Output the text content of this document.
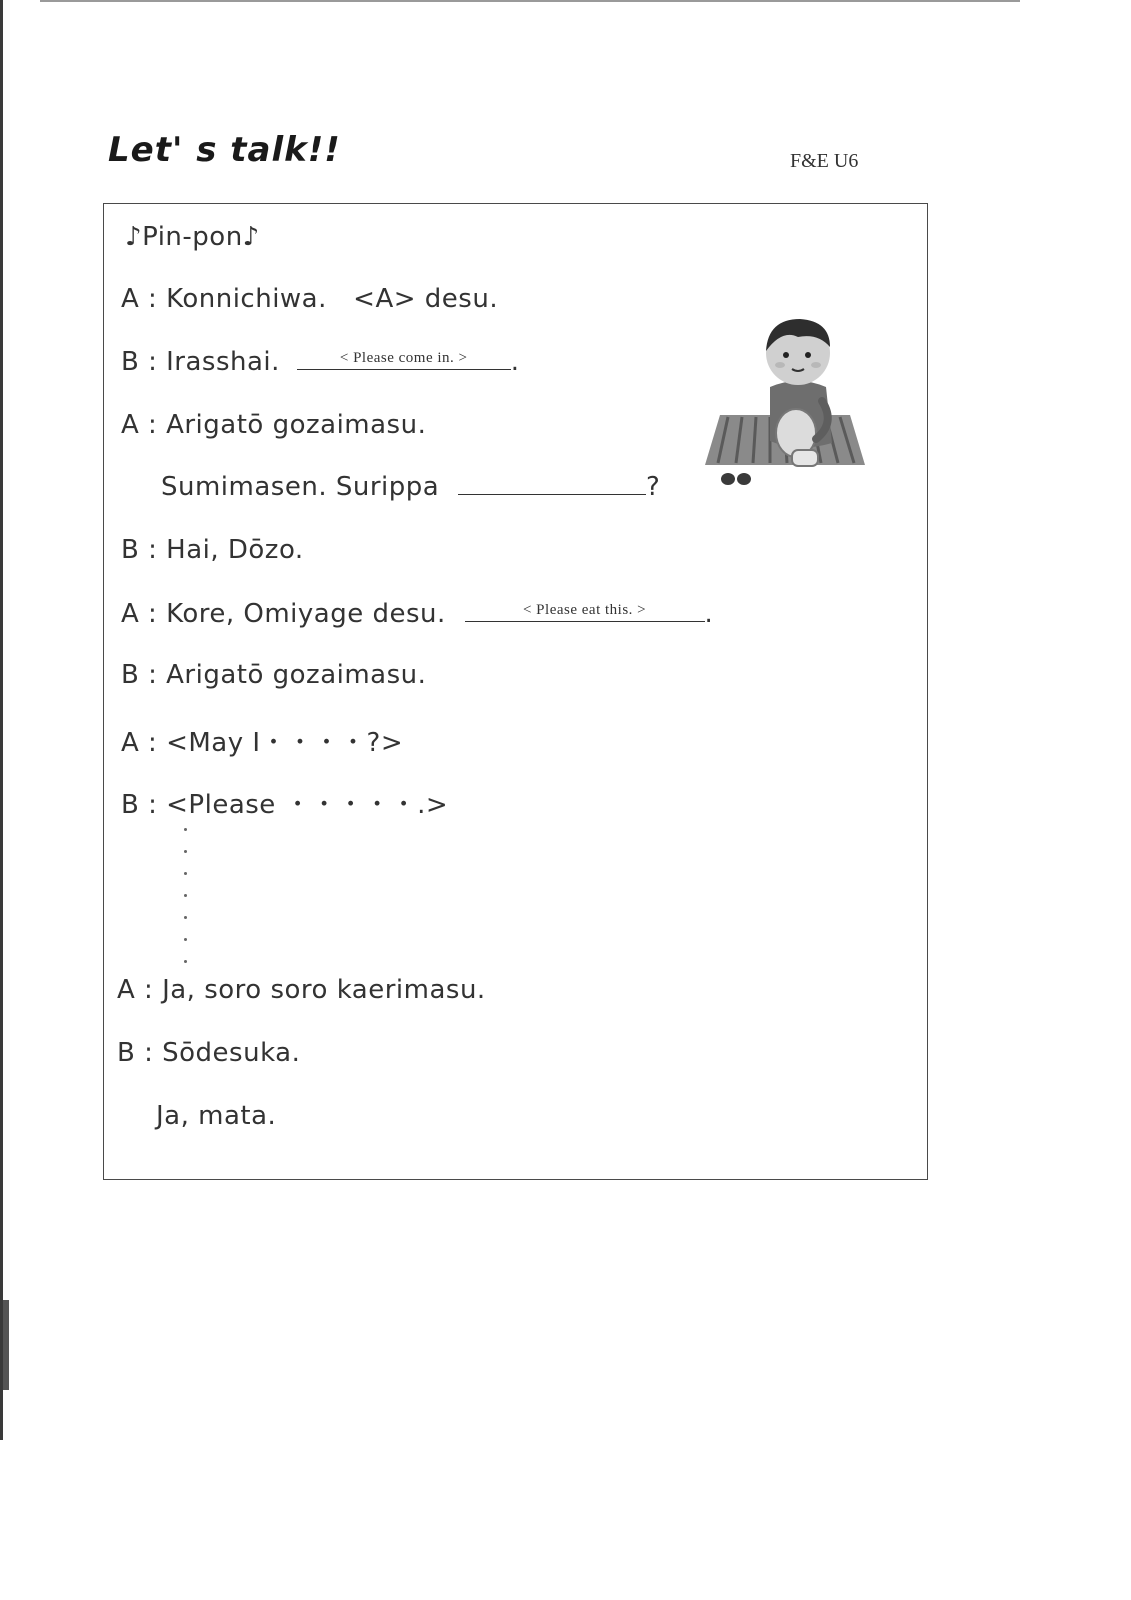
Let' s talk!!	F&E U6
♪Pin-pon♪
A : Konnichiwa.   <A> desu.
B : Irasshai.	< Please come in. >	.
A : Arigatō gozaimasu.
Sumimasen. Surippa	?
B : Hai, Dōzo.
A : Kore, Omiyage desu.	< Please eat this. >	.
B : Arigatō gozaimasu.
A : <May I・・・・?>
B : <Please ・・・・・.>
A : Ja, soro soro kaerimasu.
B : Sōdesuka.
Ja, mata.
